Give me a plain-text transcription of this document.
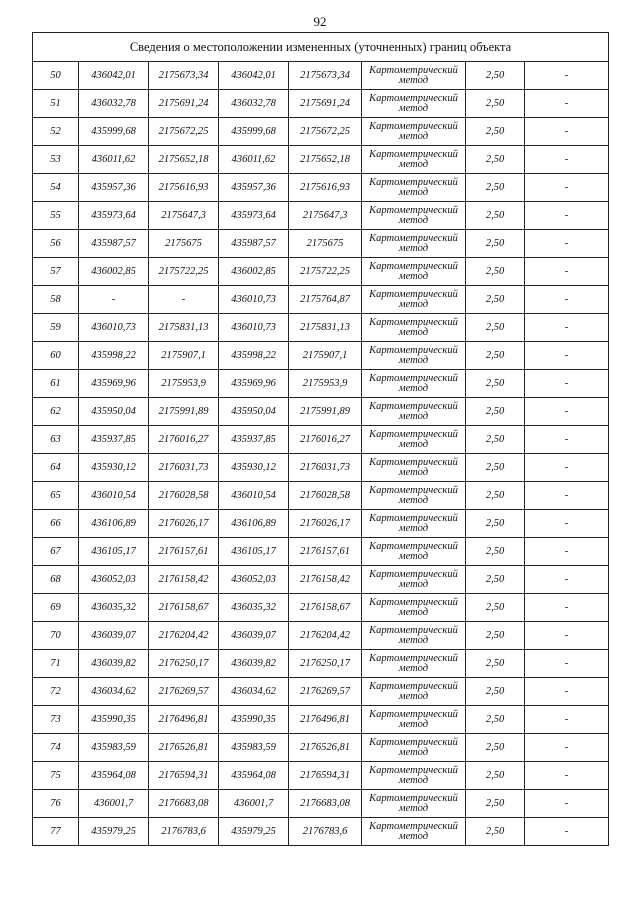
92
Сведения о местоположении измененных (уточненных) границ объекта							
50	436042,01	2175673,34	436042,01	2175673,34	Картометрический метод	2,50	-
51	436032,78	2175691,24	436032,78	2175691,24	Картометрический метод	2,50	-
52	435999,68	2175672,25	435999,68	2175672,25	Картометрический метод	2,50	-
53	436011,62	2175652,18	436011,62	2175652,18	Картометрический метод	2,50	-
54	435957,36	2175616,93	435957,36	2175616,93	Картометрический метод	2,50	-
55	435973,64	2175647,3	435973,64	2175647,3	Картометрический метод	2,50	-
56	435987,57	2175675	435987,57	2175675	Картометрический метод	2,50	-
57	436002,85	2175722,25	436002,85	2175722,25	Картометрический метод	2,50	-
58	-	-	436010,73	2175764,87	Картометрический метод	2,50	-
59	436010,73	2175831,13	436010,73	2175831,13	Картометрический метод	2,50	-
60	435998,22	2175907,1	435998,22	2175907,1	Картометрический метод	2,50	-
61	435969,96	2175953,9	435969,96	2175953,9	Картометрический метод	2,50	-
62	435950,04	2175991,89	435950,04	2175991,89	Картометрический метод	2,50	-
63	435937,85	2176016,27	435937,85	2176016,27	Картометрический метод	2,50	-
64	435930,12	2176031,73	435930,12	2176031,73	Картометрический метод	2,50	-
65	436010,54	2176028,58	436010,54	2176028,58	Картометрический метод	2,50	-
66	436106,89	2176026,17	436106,89	2176026,17	Картометрический метод	2,50	-
67	436105,17	2176157,61	436105,17	2176157,61	Картометрический метод	2,50	-
68	436052,03	2176158,42	436052,03	2176158,42	Картометрический метод	2,50	-
69	436035,32	2176158,67	436035,32	2176158,67	Картометрический метод	2,50	-
70	436039,07	2176204,42	436039,07	2176204,42	Картометрический метод	2,50	-
71	436039,82	2176250,17	436039,82	2176250,17	Картометрический метод	2,50	-
72	436034,62	2176269,57	436034,62	2176269,57	Картометрический метод	2,50	-
73	435990,35	2176496,81	435990,35	2176496,81	Картометрический метод	2,50	-
74	435983,59	2176526,81	435983,59	2176526,81	Картометрический метод	2,50	-
75	435964,08	2176594,31	435964,08	2176594,31	Картометрический метод	2,50	-
76	436001,7	2176683,08	436001,7	2176683,08	Картометрический метод	2,50	-
77	435979,25	2176783,6	435979,25	2176783,6	Картометрический метод	2,50	-
